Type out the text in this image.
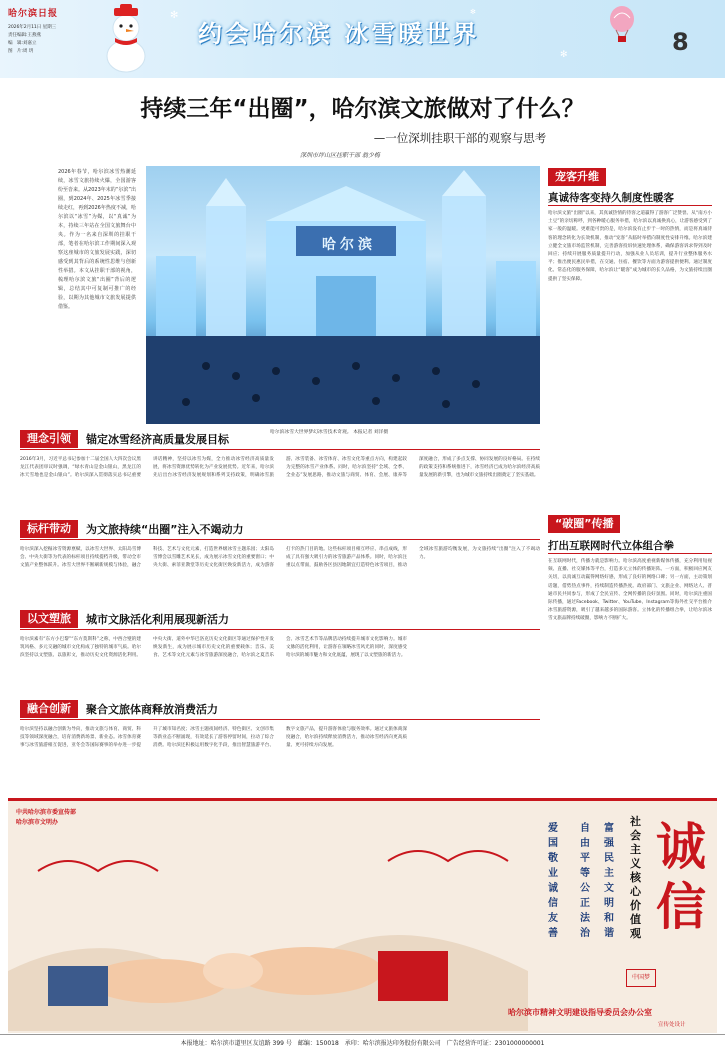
哈尔滨日报
2026年2月11日 星期三
责任编辑:王燕燕
编　辑:刘嘉立
图　片:周 玥
约会哈尔滨 冰雪暖世界	8
✻
✻
✻
持续三年“出圈”，哈尔滨文旅做对了什么？
—一位深圳挂职干部的观察与思考
深圳市坪山区挂职干部 翁少梅
2026年春节，哈尔滨冰雪热潮延续，冰雪文旅持续火爆，全国游客纷至沓来。从2023年末的“尔滨”出圈，到2024年、2025年冰雪季接续走红，再到2026年热度不减，哈尔滨以“冰雪”为媒，以“真诚”为本，持续三年站在全国文旅舞台中央。作为一名来自深圳的挂职干部，笔者在哈尔滨工作期间深入观察这座城市的文旅发展实践，深切感受到其背后的系统性思维与创新性举措。本文从挂职干部的视角，梳理哈尔滨文旅“出圈”背后的逻辑，总结其中可复制可推广的经验，以期为其他城市文旅发展提供借鉴。
哈尔滨
哈尔滨冰雪大世界梦幻冰雪技术奇观。 本报记者 刘洋摄
理念引领	锚定冰雪经济高质量发展目标
2016年3月，习近平总书记参加十二届全国人大四次会议黑龙江代表团审议时强调，“绿水青山是金山银山，黑龙江的冰天雪地也是金山银山”。哈尔滨深入贯彻落实总书记重要讲话精神，坚持以冰雪为媒，全力推动冰雪经济高质量发展，将冰雪资源优势转化为产业发展优势。近年来，哈尔滨先后出台冰雪经济发展规划和系列支持政策，明确冰雪旅游、冰雪装备、冰雪体育、冰雪文化等重点方向，构建起较为完整的冰雪产业体系。同时，哈尔滨坚持“全域、全季、全业态”发展思路，推动文旅与商贸、体育、会展、康养等深度融合，形成了多点支撑、协同发展的良好格局。在持续的政策支持和系统推进下，冰雪经济已成为哈尔滨经济高质量发展的新引擎，也为城市文旅持续出圈奠定了坚实基础。
标杆带动	为文旅持续“出圈”注入不竭动力
哈尔滨深入挖掘冰雪资源禀赋，以冰雪大世界、太阳岛雪博会、中央大街等为代表的标杆项目持续提档升级，带动全市文旅产业整体跃升。冰雪大世界不断刷新规模与体验，融合科技、艺术与文化元素，打造世界级冰雪主题乐园；太阳岛雪博会以雪雕艺术见长，成为展示冰雪文化的重要窗口；中央大街、索菲亚教堂等历史文化街区焕发新活力，成为游客打卡的热门目的地。这些标杆项目相互呼应、串点成线，形成了具有强大吸引力的冰雪旅游产品体系。同时，哈尔滨注重以点带面，鼓励各区县因地制宜打造特色冰雪项目，推动全域冰雪旅游均衡发展，为文旅持续“出圈”注入了不竭动力。
以文塑旅	城市文脉活化利用展现新活力
哈尔滨素有“东方小巴黎”“东方莫斯科”之称，中西合璧的建筑风格、多元交融的城市文化构成了独特的城市气质。哈尔滨坚持以文塑旅、以旅彰文，推动历史文化资源活化利用。中央大街、道外中华巴洛克历史文化街区等通过保护性开发焕发新生，成为展示城市历史文化的重要载体；音乐、美食、艺术等文化元素与冰雪旅游深度融合，哈尔滨之夏音乐会、冰雪艺术节等品牌活动持续提升城市文化影响力。城市文脉的活化利用，让游客在领略冰雪风光的同时，深度感受哈尔滨的城市魅力和文化底蕴，展现了以文塑旅的新活力。
融合创新	聚合文旅体商释放消费活力
哈尔滨坚持以融合创新为导向，推动文旅与体育、商贸、科技等领域深度融合，培育消费新场景、新业态。冰雪体育赛事与冰雪旅游相互促进，亚冬会等国际赛事的举办进一步提升了城市知名度；冰雪主题夜间经济、特色街区、文创市集等新业态不断涌现，有效延长了游客停留时间，拉动了综合消费。哈尔滨还积极运用数字化手段，推出智慧旅游平台、数字文旅产品，提升游客体验与服务效率。通过文旅体商深度融合，哈尔滨持续释放消费活力，推动冰雪经济向更高质量、更可持续方向发展。
宠客升维
真诚待客变持久制度性暖客
哈尔滨文旅“出圈”以来，其真诚热情的待客之道赢得了游客广泛赞誉。从“南方小土豆”的亲切称呼，到各种暖心服务举措，哈尔滨以真诚换真心，让游客感受到了家一般的温暖。更难能可贵的是，哈尔滨没有止步于一时的热情，而是将真诚待客的理念转化为长效机制，推动“宠客”从临时举措向制度性安排升维。哈尔滨建立健全文旅市场监管机制，完善游客投诉快速处理体系，确保游客诉求得到及时回应；持续开展服务质量提升行动，加强从业人员培训，提升行业整体服务水平；推出便民惠民举措，在交通、住宿、餐饮等方面为游客提供便利。通过制度化、常态化的服务保障，哈尔滨让“暖客”成为城市的长久品格，为文旅持续出圈提供了坚实保障。
“破圈”传播
打出互联网时代立体组合拳
在互联网时代，传播力就是影响力。哈尔滨高度重视新媒体传播，充分利用短视频、直播、社交媒体等平台，打造多元立体的传播矩阵。一方面，积极回应网友关切，以真诚互动赢得网络好感，形成了良好的网络口碑；另一方面，主动策划话题，借势热点事件，持续制造传播热度。政府部门、文旅企业、网络达人、普通市民共同参与，形成了全民宣传、全网传播的良好氛围。同时，哈尔滨注重国际传播，通过Facebook、Twitter、YouTube、Instagram等海外社交平台推介冰雪旅游资源，吸引了越来越多的国际游客。立体化的传播组合拳，让哈尔滨冰雪文旅品牌持续破圈，影响力不断扩大。
中共哈尔滨市委宣传部
哈尔滨市文明办
爱国敬业诚信友善
自由平等公正法治
富强民主文明和谐
社会主义核心价值观
诚信
中国梦
哈尔滨市精神文明建设指导委员会办公室
宣传处设计
本报地址：哈尔滨市道里区友谊路 399 号　邮编：150018　承印：哈尔滨报达印务股份有限公司　广告经营许可证：2301000000001
